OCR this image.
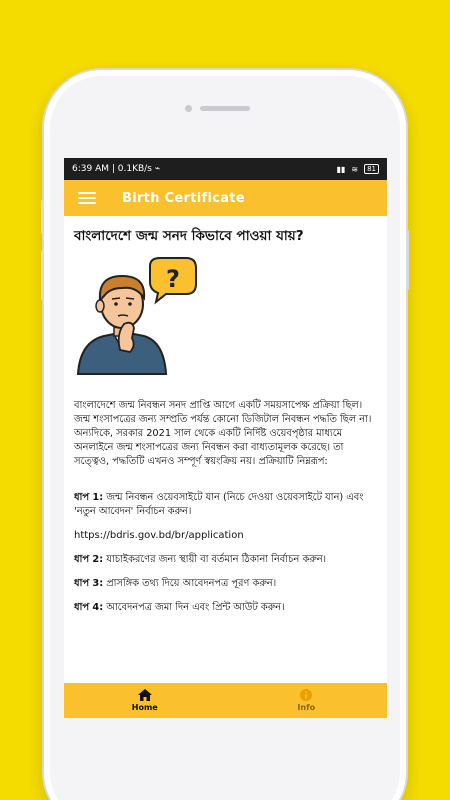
6:39 AM | 0.1KB/s ⌁	▮▮ ≋	81
Birth Certificate
বাংলাদেশে জন্ম সনদ কিভাবে পাওয়া যায়?
?

বাংলাদেশে জন্ম নিবন্ধন সনদ প্রাপ্তি আগে একটি সময়সাপেক্ষ প্রক্রিয়া ছিল। জন্ম শংসাপত্রের জন্য সম্প্রতি পর্যন্ত কোনো ডিজিটাল নিবন্ধন পদ্ধতি ছিল না। অন্যদিকে, সরকার 2021 সাল থেকে একটি নির্দিষ্ট ওয়েবপৃষ্ঠার মাধ্যমে অনলাইনে জন্ম শংসাপত্রের জন্য নিবন্ধন করা বাধ্যতামূলক করেছে। তা সত্ত্বেও, পদ্ধতিটি এখনও সম্পূর্ণ স্বয়ংক্রিয় নয়। প্রক্রিয়াটি নিম্নরূপ:

ধাপ 1: জন্ম নিবন্ধন ওয়েবসাইটে যান (নিচে দেওয়া ওয়েবসাইটে যান) এবং 'নতুন আবেদন' নির্বাচন করুন।

https://bdris.gov.bd/br/application

ধাপ 2: যাচাইকরণের জন্য স্থায়ী বা বর্তমান ঠিকানা নির্বাচন করুন।

ধাপ 3: প্রাসঙ্গিক তথ্য দিয়ে আবেদনপত্র পূরণ করুন।

ধাপ 4: আবেদনপত্র জমা দিন এবং প্রিন্ট আউট করুন।

Home	Info
